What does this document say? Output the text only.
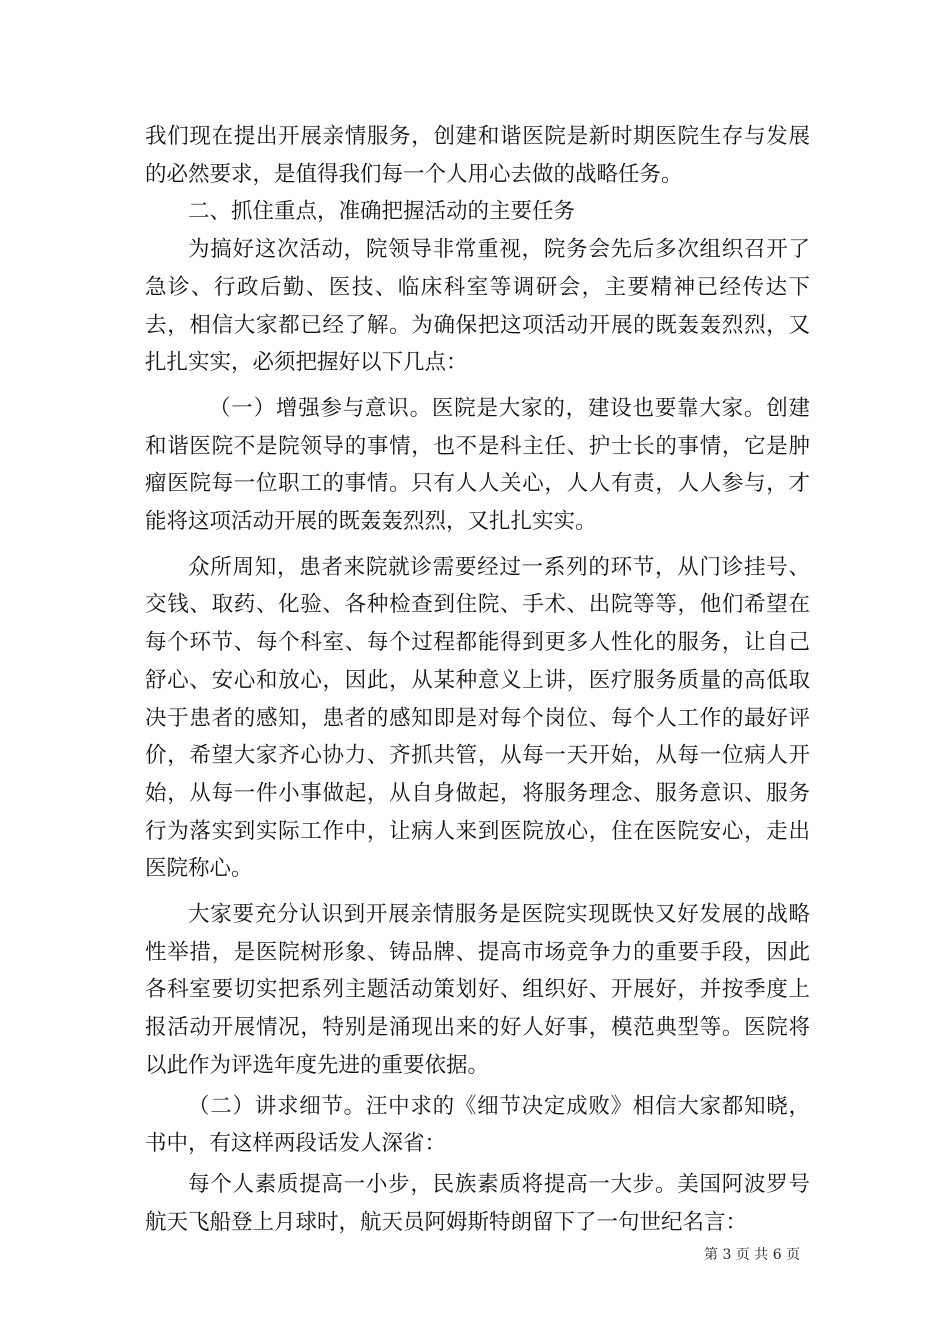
我们现在提出开展亲情服务，创建和谐医院是新时期医院生存与发展的必然要求，是值得我们每一个人用心去做的战略任务。

二、抓住重点，准确把握活动的主要任务

为搞好这次活动，院领导非常重视，院务会先后多次组织召开了急诊、行政后勤、医技、临床科室等调研会，主要精神已经传达下去，相信大家都已经了解。为确保把这项活动开展的既轰轰烈烈，又扎扎实实，必须把握好以下几点：

（一）增强参与意识。医院是大家的，建设也要靠大家。创建和谐医院不是院领导的事情，也不是科主任、护士长的事情，它是肿瘤医院每一位职工的事情。只有人人关心，人人有责，人人参与，才能将这项活动开展的既轰轰烈烈，又扎扎实实。

众所周知，患者来院就诊需要经过一系列的环节，从门诊挂号、交钱、取药、化验、各种检查到住院、手术、出院等等，他们希望在每个环节、每个科室、每个过程都能得到更多人性化的服务，让自己舒心、安心和放心，因此，从某种意义上讲，医疗服务质量的高低取决于患者的感知，患者的感知即是对每个岗位、每个人工作的最好评价，希望大家齐心协力、齐抓共管，从每一天开始，从每一位病人开始，从每一件小事做起，从自身做起，将服务理念、服务意识、服务行为落实到实际工作中，让病人来到医院放心，住在医院安心，走出医院称心。

大家要充分认识到开展亲情服务是医院实现既快又好发展的战略性举措，是医院树形象、铸品牌、提高市场竞争力的重要手段，因此各科室要切实把系列主题活动策划好、组织好、开展好，并按季度上报活动开展情况，特别是涌现出来的好人好事，模范典型等。医院将以此作为评选年度先进的重要依据。

（二）讲求细节。汪中求的《细节决定成败》相信大家都知晓，书中，有这样两段话发人深省：

每个人素质提高一小步，民族素质将提高一大步。美国阿波罗号航天飞船登上月球时，航天员阿姆斯特朗留下了一句世纪名言：

第 3 页 共 6 页
